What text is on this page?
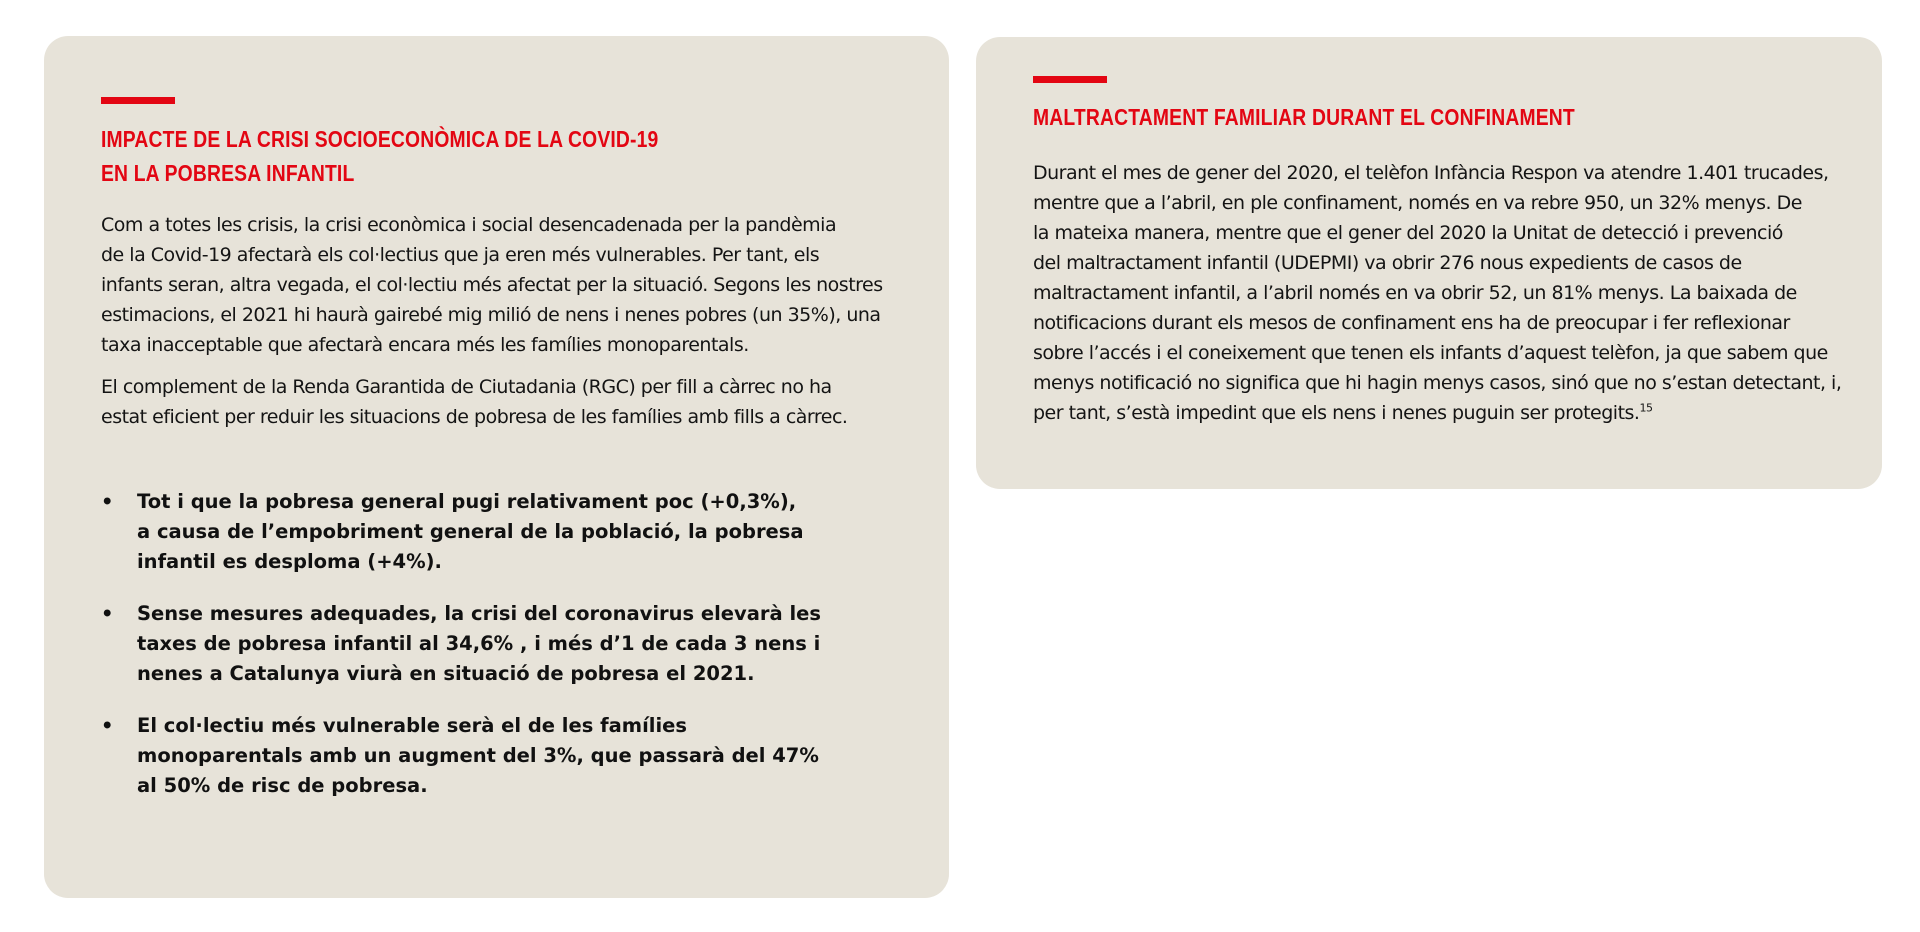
IMPACTE DE LA CRISI SOCIOECONÒMICA DE LA COVID-19
EN LA POBRESA INFANTIL

Com a totes les crisis, la crisi econòmica i social desencadenada per la pandèmia
de la Covid-19 afectarà els col·lectius que ja eren més vulnerables. Per tant, els
infants seran, altra vegada, el col·lectiu més afectat per la situació. Segons les nostres
estimacions, el 2021 hi haurà gairebé mig milió de nens i nenes pobres (un 35%), una
taxa inacceptable que afectarà encara més les famílies monoparentals.

El complement de la Renda Garantida de Ciutadania (RGC) per fill a càrrec no ha
estat eficient per reduir les situacions de pobresa de les famílies amb fills a càrrec.

• Tot i que la pobresa general pugi relativament poc (+0,3%),
a causa de l’empobriment general de la població, la pobresa
infantil es desploma (+4%).
• Sense mesures adequades, la crisi del coronavirus elevarà les
taxes de pobresa infantil al 34,6% , i més d’1 de cada 3 nens i
nenes a Catalunya viurà en situació de pobresa el 2021.
• El col·lectiu més vulnerable serà el de les famílies
monoparentals amb un augment del 3%, que passarà del 47%
al 50% de risc de pobresa.
MALTRACTAMENT FAMILIAR DURANT EL CONFINAMENT

Durant el mes de gener del 2020, el telèfon Infància Respon va atendre 1.401 trucades,
mentre que a l’abril, en ple confinament, només en va rebre 950, un 32% menys. De
la mateixa manera, mentre que el gener del 2020 la Unitat de detecció i prevenció
del maltractament infantil (UDEPMI) va obrir 276 nous expedients de casos de
maltractament infantil, a l’abril només en va obrir 52, un 81% menys. La baixada de
notificacions durant els mesos de confinament ens ha de preocupar i fer reflexionar
sobre l’accés i el coneixement que tenen els infants d’aquest telèfon, ja que sabem que
menys notificació no significa que hi hagin menys casos, sinó que no s’estan detectant, i,
per tant, s’està impedint que els nens i nenes puguin ser protegits.$^{15}$
